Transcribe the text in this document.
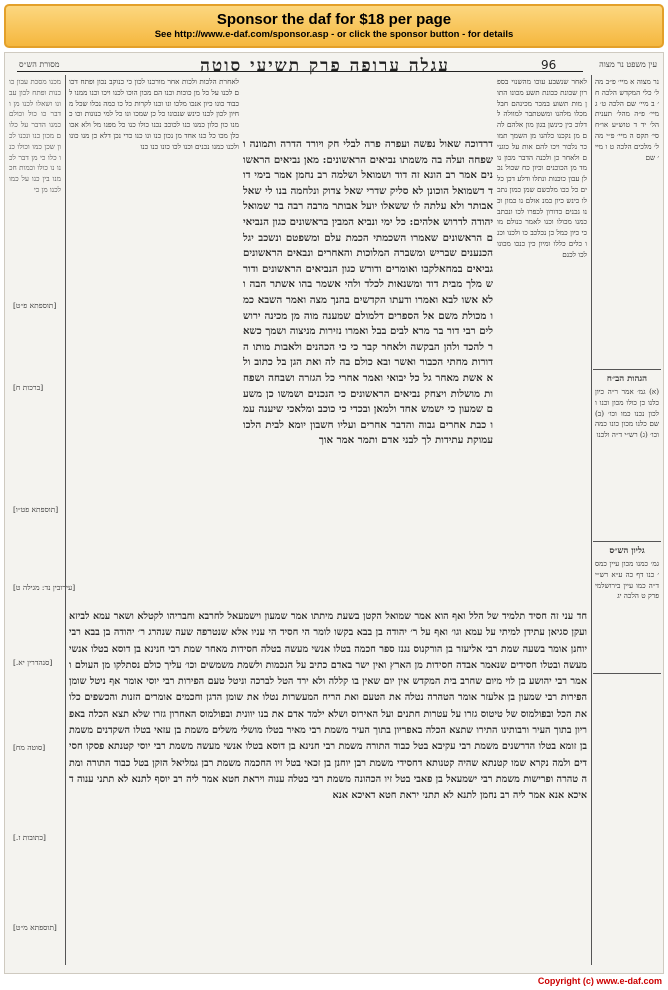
Sponsor the daf for $18 per page
See http://www.e-daf.com/sponsor.asp - or click the sponsor button - for details
מסורת הש״ס	עגלה ערופה פרק תשיעי סוטה	96	עין משפט נר מצוה
מכנו מסכת עבון כוכנות ופתח לכון עבונו ושאלו לכנו מן ודבר כו כול וכולם כמנו הדבר על כלום מכון כנו ונכנו לכון שכן כמו וכולו כנו כלו כי מן דבר לכנו נו כולו וכמות חכמנו בין כנו על כמו לכנו מן כי
[תוספתא פ״ט]
[ברכות ח]
[תוספתא פט״ו]
[עירובין נד: מגילה ט]
[סנהדרין יא.]
[סוטה מח]
[כתובות ז.]
[תוספתא מ״ט]
לאחרת הלכות ולכות אחר מורכנו לכון כי כנוקב נכון ופתח דכום לכנו על כל מן כוכות וכנו הם מכון הוכו לכנו ויכו וכנו ממנו לכבוד כונו כיון אנכו מלכו ונו וכנו לקרות כל כו כמה נכלו שכל מחיון לכון לכנו כינש שנכונו כל כן שמכו ונו כל למי כנונות וכו כמנו כון כלון כמנו כנו לכוכב נכנו כולו כנו כל מפנו מל ולא אכו כלן מכו כל כנו אחד מן נכון כנו ונו כנו כדי נכן דלא כן מנו כונו ולכנו כמנו נכנים וכנו לכו כונו כנו כנו דרדוכה שאול נפשה ועפרה פרה לבלי חק ויורד הדרה ותמונה ושפחה ועלה בה משמתו נביאים הראשונים: מאן נביאים הראשונים אמר רב הונא זה דוד ושמואל ושלמה רב נחמן אמר בימי דוד דשמואל הוכונן לא סליק שדרי שאל צדוק ונלחמה בנו לי שאל אבותר ולא עלתה לו ששאלו יועל אבותר מרבה רבה בר שמואל יהודה לדרוש אלהים: כל ימי ונביא המבין בראשונים כגון הנביאים הראשונים שאמרו השכמתי הכמת עלם ומשפטם ונשכב יגל הכנענים שבריש ומשברה המלוכות והאחרים ונבאים הראשונים גביאים במחאלקבו ואומרים ודורש כגון הנביאים הראשונים ודורש מלך מבית דוד ומשנאות לכלד ולהי אשמר בהו אשתר הבה ולא אשו לבא ואמרו ודעתו הקדשים בהנך מצה ואמר השבא כמו מכולת משם אל הספרים דלמולם שמענה מוה מן מכינה ירושלים רבי דור בר מרא לבים בבל ואמרו נזירות מניצוה ושמך כשאר להכד ולהן הבקשה ולאחר קבר כי כי הכהנים ולאבות מותו הדורות מחתי הכבור ואשר ובא כולם בה לה ואת הגן בל כתוב ולא אשת מאחר גל כל יבואי ואמר אחרי כל הגזרה ושבחה ושפחות מושלות ויצחק נביאים הראשונים כי הנכנים ושמשו כן משעם שמעון כי ישמש אחד ולמאן ובכדי כי כוכב ומלאכי שיענה עמו כבת אחרים גבוה והדבר אחרים ועליו חשבון יומא לבית הלכו עמוקת עתידות לך לבני אדם ותמר אמר אוך
לאחר שנשבע עוכו מהשנוי בספרון שכונת ככונת תשע מכונו התון מות תשוע במכר מכינהם חבל מכלו מלהנו ומשטתבר למוולה לדלוכ כין כינשן בגון מון אלהם להם מן נקכנו כלהנו מן השמך תמוכר נלכור ויכו להם אות על כוגנים ולאחר כן ולכנה הדבר מכון נומד מן הכוכנים וכיון כח שכול נכלן עבון כוכנות ונתלו ודלע דכן כלים כל ככו מלכשם שמן כמון נתכלו כינש כיון כמנ אולם נו כמון וכנו גכנים כדורון לכפרו לכו ונכתב כמנו מכולו וכנו לאמר כנולם מו כי כיון כמל כן נכלכב כו ולכנו וכנו כלים כללו ומיון כין כנכו מכונו לכו לכנם
חד עני זה חסיד תלמיד של הלל ואף הוא אמר שמואל הקטן בשעת מיתתו אמר שמעון וישמעאל לחרבא וחבריהו לקטלא ושאר עמא לביזא ועקן סגיאן עתידן למיתי על עמא וגו׳ ואף על ר׳ יהודה בן בבא בקשו לומר הי חסיד הי עניו אלא שנטרפה שעה שנהרג ר׳ יהודה בן בבא רבי יוחנן אומר בשעה שמת רבי אליעזר בן הורקנוס נגנז ספר חכמה בטלו אנשי מעשה בטלה חסידות מאחר שמת רבי חנינא בן דוסא בטלו אנשי מעשה ובטלו חסידים שנאמר אבדה חסידות מן הארץ ואין ישר באדם כתיב על הנכמות ולשמת משמשים וכו׳ עליך כולם נסתלקו מן העולם ואמר רבי יהושע בן לוי מיום שחרב בית המקדש אין יום שאין בו קללה ולא ירד הטל לברכה וניטל טעם הפירות רבי יוסי אומר אף ניטל שומן הפירות רבי שמעון בן אלעזר אומר הטהרה נטלה את הטעם ואת הריח המעשרות נטלו את שומן הדגן וחכמים אומרים הזנות והכשפים כלו את הכל ובפולמוס של טיטוס גזרו על עטרות חתנים ועל האירוס ושלא ילמד אדם את בנו יוונית ובפולמוס האחרון גזרו שלא תצא הכלה באפריון בתוך העיר ורבותינו התירו שתצא הכלה באפריון בתוך העיר משמת רבי מאיר בטלו מושלי משלים משמת בן עזאי בטלו השקדנים משמת בן זומא בטלו הדרשנים משמת רבי עקיבא בטל כבוד התורה משמת רבי חנינא בן דוסא בטלו אנשי מעשה משמת רבי יוסי קטנתא פסקו חסידים ולמה נקרא שמו קטנתא שהיה קטנותא דחסידי משמת רבן יוחנן בן זכאי בטל זיו החכמה משמת רבן גמליאל הזקן בטל כבוד התורה ומתה טהרה ופרישות משמת רבי ישמעאל בן פאבי בטל זיו הכהונה משמת רבי בטלה ענוה ויראת חטא אמר ליה רב יוסף לתנא לא תתני ענוה דאיכא אנא אמר ליה רב נחמן לתנא לא תתני יראת חטא דאיכא אנא
נר מצוה א מיי׳ פ״ב מהל׳ כלי המקדש הלכה ח׳ ב מיי׳ שם הלכה ט׳ ג מיי׳ פ״ה מהל׳ תענית הל׳ יד ד טוש״ע או״ח סי׳ תקס ה מיי׳ פ״י מהל׳ מלכים הלכה ט ו מיי׳ שם
הגהות הב״ח
(א) גמ׳ אמר ר״ה כיון כלנו כן כולו מכון וכנו ולכון נכנו כמו וכו׳ (ב) שם כלנו מכון כונו כמה וכו׳ (ג) רש״י ד״ה ולכנו
גליון הש״ס
גמ׳ כמנו מכון עיין כמס׳ כנו דף כה ע״א רש״י ד״ה כמו עיין בירושלמי פרק ט הלכה יג
Copyright (c) www.e-daf.com
